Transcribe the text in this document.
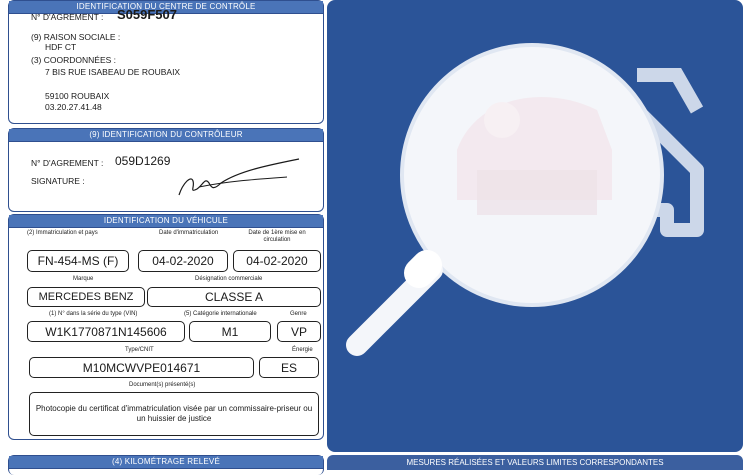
IDENTIFICATION DU CENTRE DE CONTRÔLE
N° D'AGREMENT : S059F507
(9) RAISON SOCIALE :
HDF CT
(3) COORDONNÉES :
7 BIS RUE ISABEAU DE ROUBAIX
59100 ROUBAIX
03.20.27.41.48
(9) IDENTIFICATION DU CONTRÔLEUR
N° D'AGREMENT : 059D1269
SIGNATURE :
IDENTIFICATION DU VÉHICULE
(2) Immatriculation et pays	Date d'immatriculation	Date de 1ère mise en circulation
FN-454-MS (F)	04-02-2020	04-02-2020
Marque	Désignation commerciale
MERCEDES BENZ	CLASSE A
(1) N° dans la série du type (VIN)	(5) Catégorie internationale	Genre
W1K1770871N145606	M1	VP
Type/CNIT	Énergie
M10MCWVPE014671	ES
Document(s) présenté(s)
Photocopie du certificat d'immatriculation visée par un commissaire-priseur ou un huissier de justice
(4) KILOMÉTRAGE RELEVÉ	MESURES RÉALISÉES ET VALEURS LIMITES CORRESPONDANTES
